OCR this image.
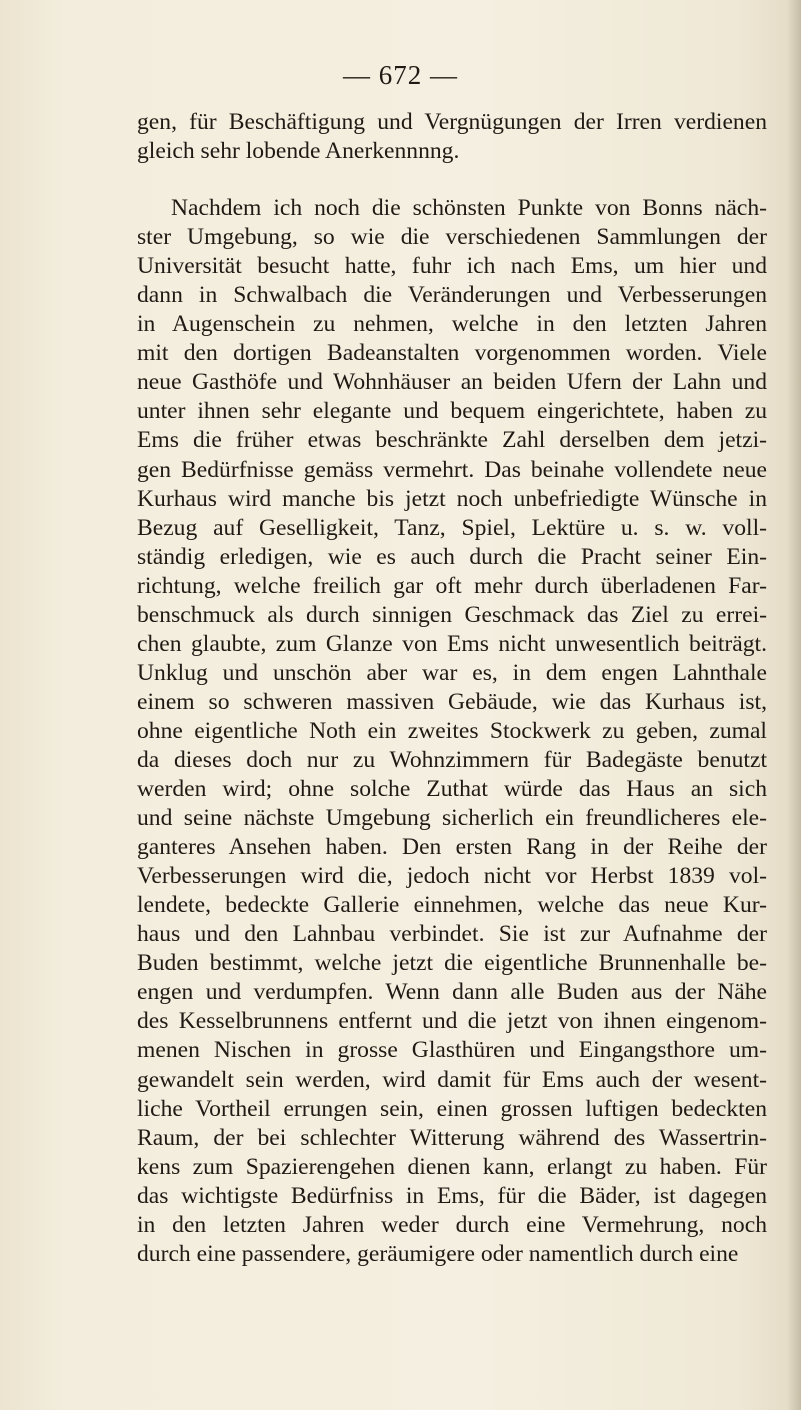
— 672 —
gen, für Beschäftigung und Vergnügungen der Irren verdienen
gleich sehr lobende Anerkennnng.
Nachdem ich noch die schönsten Punkte von Bonns näch-
ster Umgebung, so wie die verschiedenen Sammlungen der
Universität besucht hatte, fuhr ich nach Ems, um hier und
dann in Schwalbach die Veränderungen und Verbesserungen
in Augenschein zu nehmen, welche in den letzten Jahren
mit den dortigen Badeanstalten vorgenommen worden. Viele
neue Gasthöfe und Wohnhäuser an beiden Ufern der Lahn und
unter ihnen sehr elegante und bequem eingerichtete, haben zu
Ems die früher etwas beschränkte Zahl derselben dem jetzi-
gen Bedürfnisse gemäss vermehrt. Das beinahe vollendete neue
Kurhaus wird manche bis jetzt noch unbefriedigte Wünsche in
Bezug auf Geselligkeit, Tanz, Spiel, Lektüre u. s. w. voll-
ständig erledigen, wie es auch durch die Pracht seiner Ein-
richtung, welche freilich gar oft mehr durch überladenen Far-
benschmuck als durch sinnigen Geschmack das Ziel zu errei-
chen glaubte, zum Glanze von Ems nicht unwesentlich beiträgt.
Unklug und unschön aber war es, in dem engen Lahnthale
einem so schweren massiven Gebäude, wie das Kurhaus ist,
ohne eigentliche Noth ein zweites Stockwerk zu geben, zumal
da dieses doch nur zu Wohnzimmern für Badegäste benutzt
werden wird; ohne solche Zuthat würde das Haus an sich
und seine nächste Umgebung sicherlich ein freundlicheres ele-
ganteres Ansehen haben. Den ersten Rang in der Reihe der
Verbesserungen wird die, jedoch nicht vor Herbst 1839 vol-
lendete, bedeckte Gallerie einnehmen, welche das neue Kur-
haus und den Lahnbau verbindet. Sie ist zur Aufnahme der
Buden bestimmt, welche jetzt die eigentliche Brunnenhalle be-
engen und verdumpfen. Wenn dann alle Buden aus der Nähe
des Kesselbrunnens entfernt und die jetzt von ihnen eingenom-
menen Nischen in grosse Glasthüren und Eingangsthore um-
gewandelt sein werden, wird damit für Ems auch der wesent-
liche Vortheil errungen sein, einen grossen luftigen bedeckten
Raum, der bei schlechter Witterung während des Wassertrin-
kens zum Spazierengehen dienen kann, erlangt zu haben. Für
das wichtigste Bedürfniss in Ems, für die Bäder, ist dagegen
in den letzten Jahren weder durch eine Vermehrung, noch
durch eine passendere, geräumigere oder namentlich durch eine
